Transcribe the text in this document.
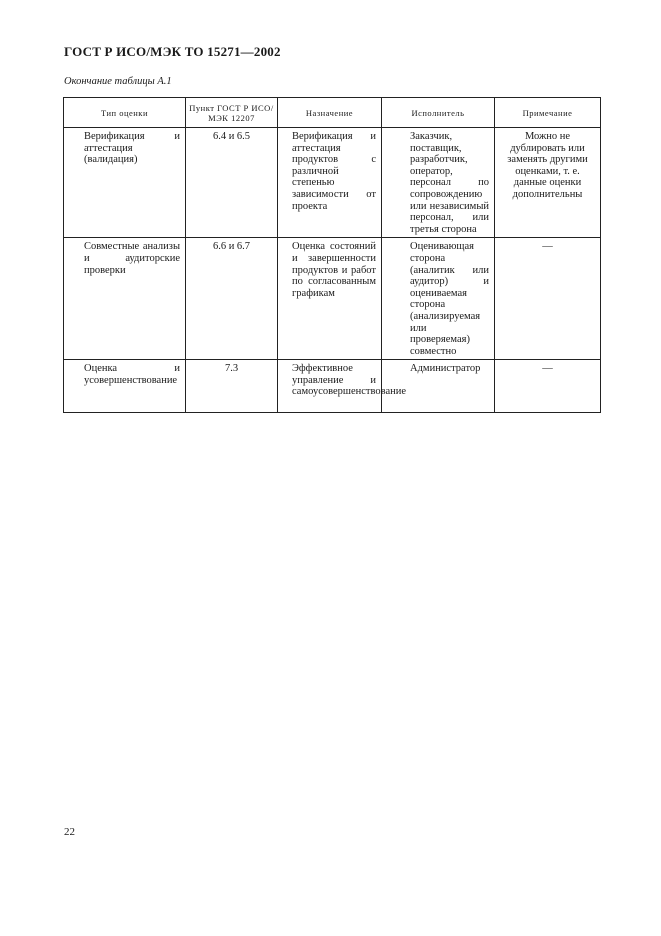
ГОСТ Р ИСО/МЭК ТО 15271—2002
Окончание таблицы А.1
Тип оценки	Пункт ГОСТ Р ИСО/МЭК 12207	Назначение	Исполнитель	Примечание
Верификация и аттестация (валидация)	6.4 и 6.5	Верификация и аттестация продуктов с различной степенью зависимости от проекта	Заказчик, поставщик, разработчик, оператор, персонал по сопровождению или независимый персонал, или третья сторона	Можно не дублировать или заменять другими оценками, т. е. данные оценки дополнительны
Совместные анализы и аудиторские проверки	6.6 и 6.7	Оценка состояний и завершенности продуктов и работ по согласованным графикам	Оценивающая сторона (аналитик или аудитор) и оцениваемая сторона (анализируемая или проверяемая) совместно	—
Оценка и усовершенствование	7.3	Эффективное управление и самоусовершенствование	Администратор	—
22
